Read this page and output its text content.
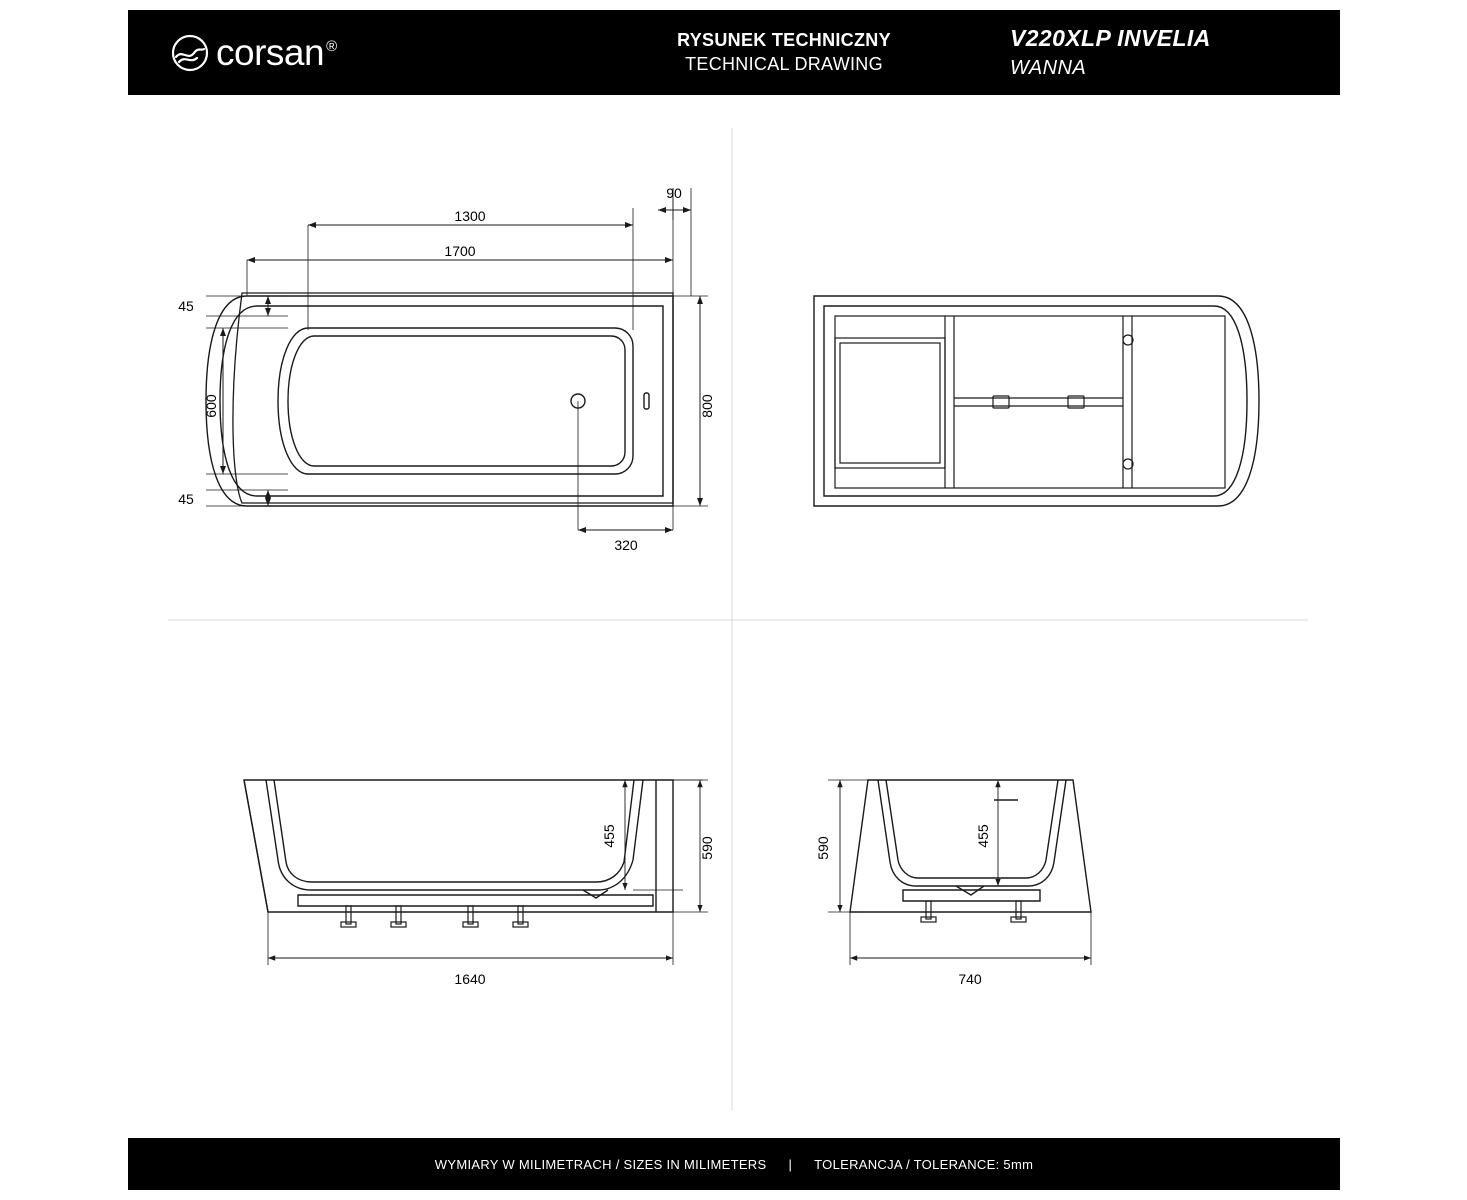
corsan ®	RYSUNEK TECHNICZNY
TECHNICAL DRAWING
V220XLP INVELIA
WANNA
1300
1700
90
320
600
45
45
800
455
590
1640
590
455
740
WYMIARY W MILIMETRACH / SIZES IN MILIMETERS | TOLERANCJA / TOLERANCE: 5mm
